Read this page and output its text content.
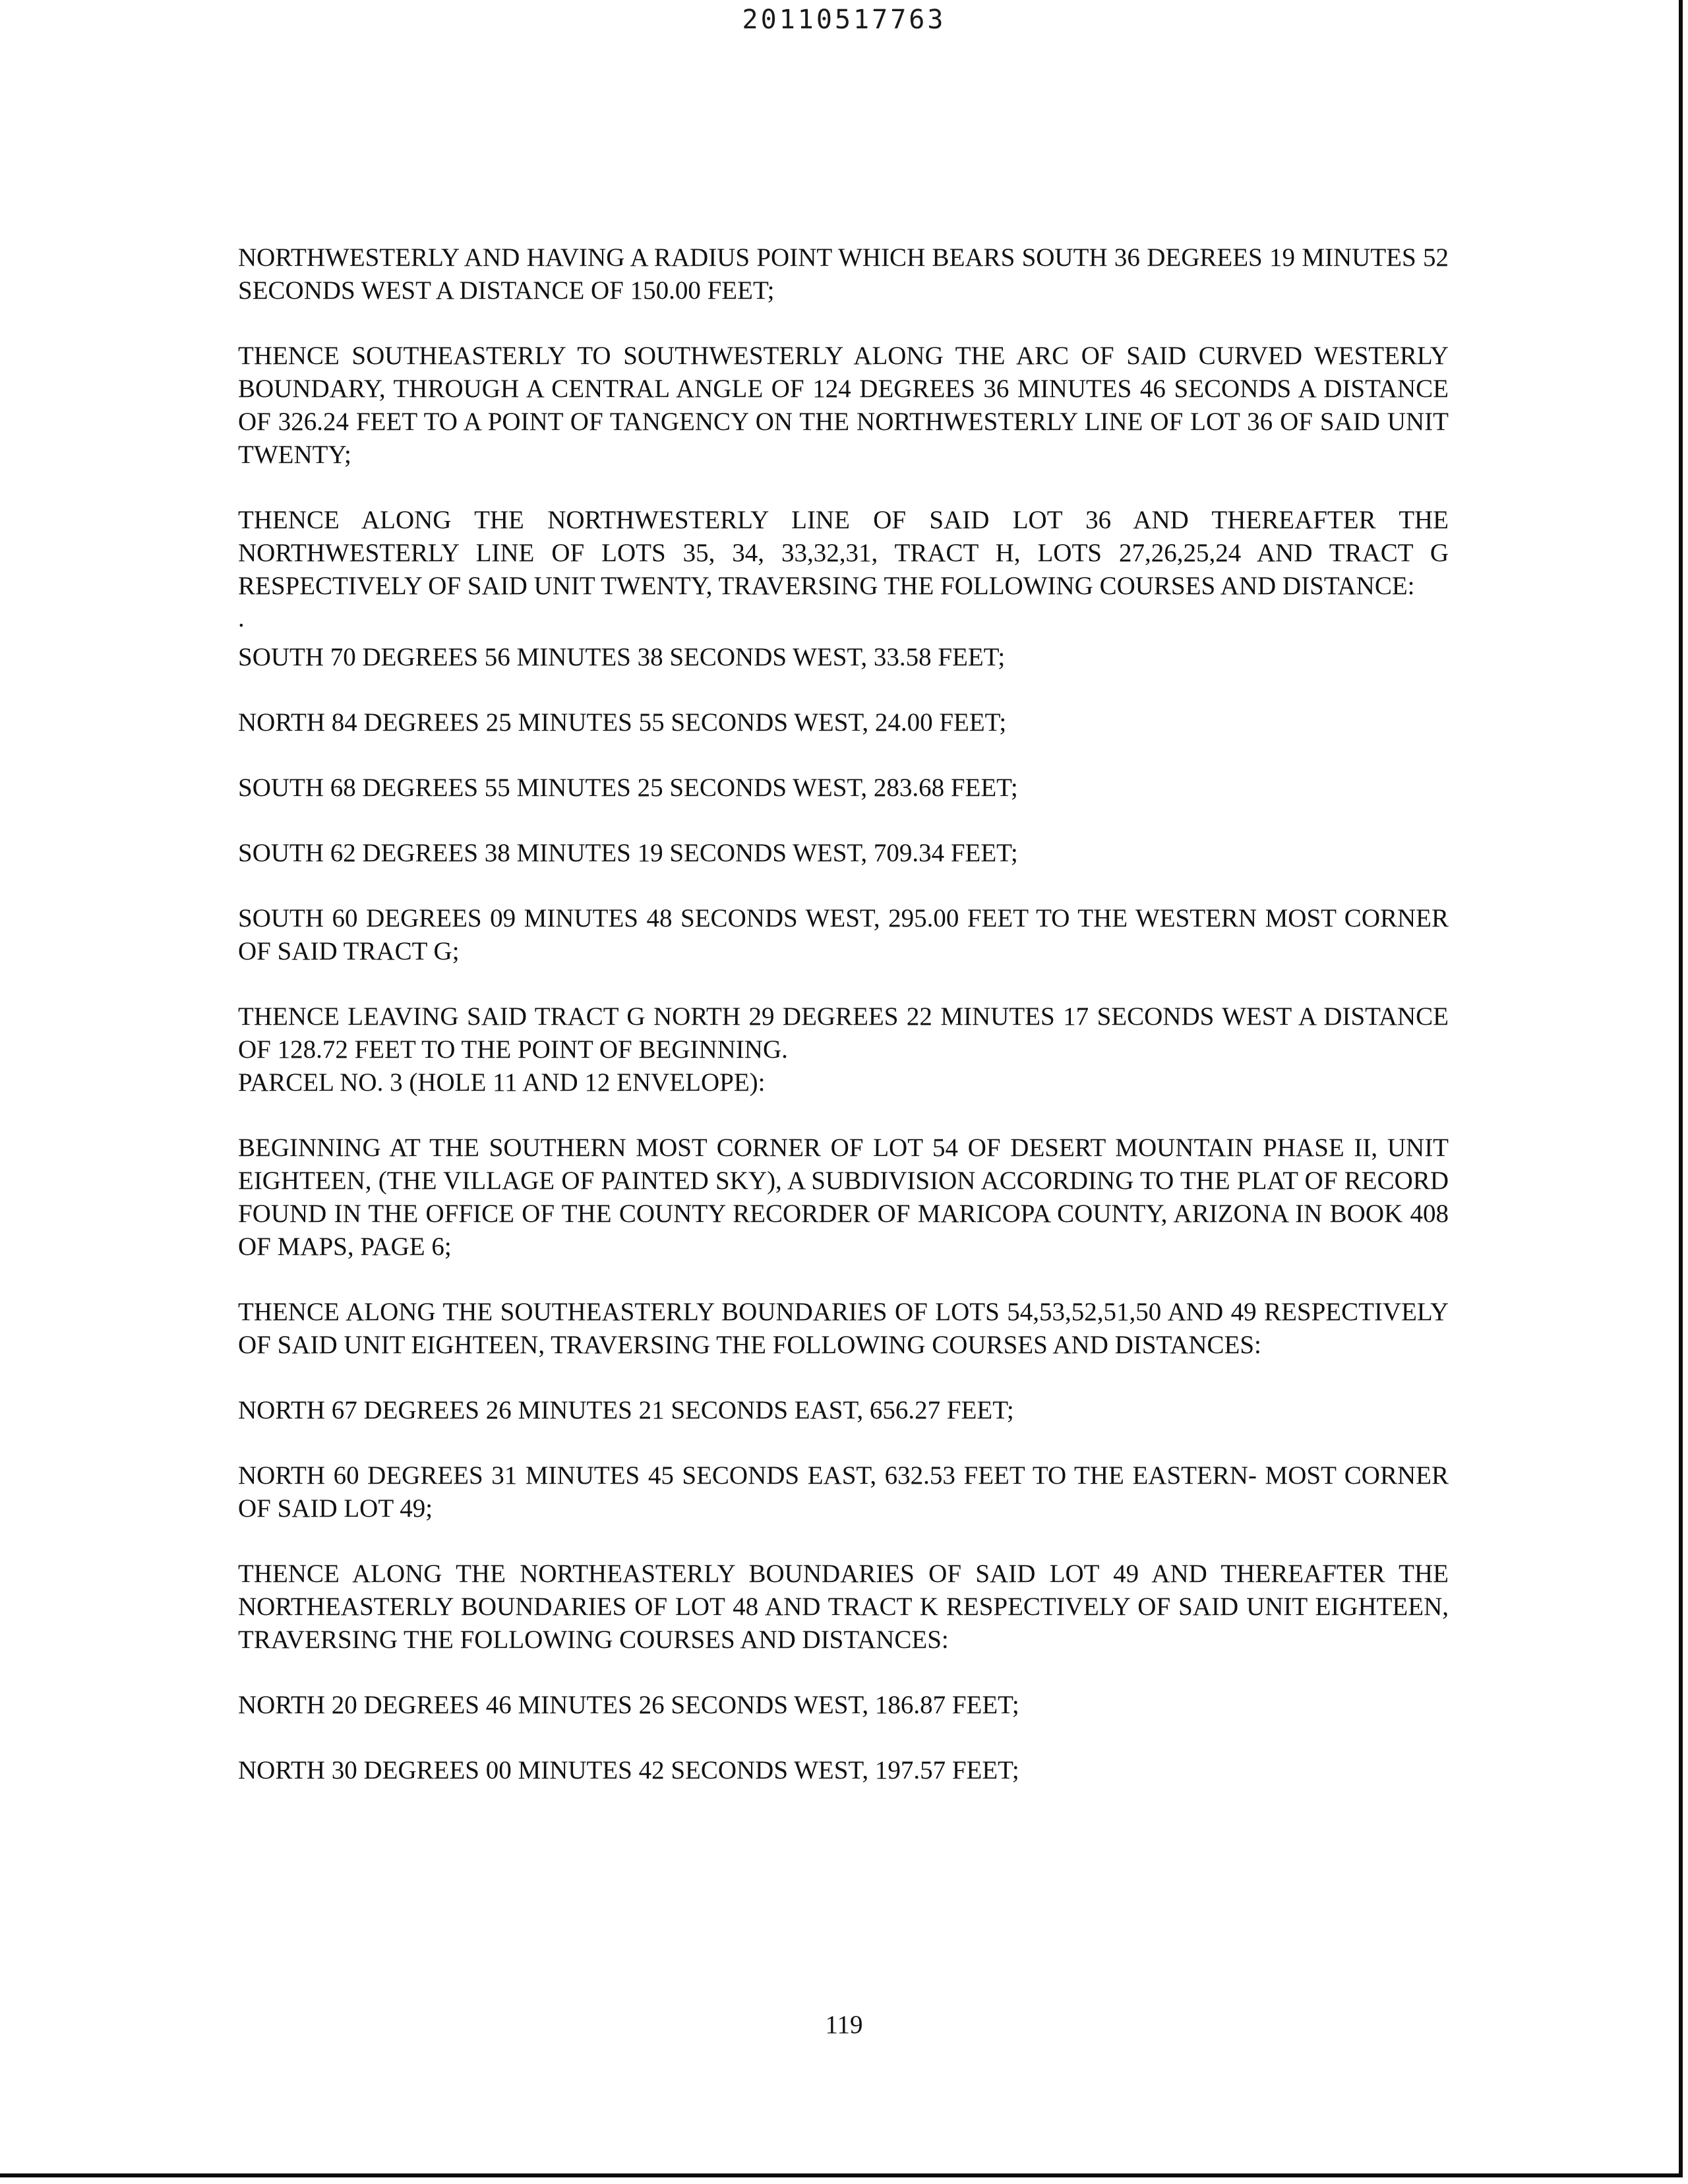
20110517763

NORTHWESTERLY AND HAVING A RADIUS POINT WHICH BEARS SOUTH 36 DEGREES 19 MINUTES 52 SECONDS WEST A DISTANCE OF 150.00 FEET;

THENCE SOUTHEASTERLY TO SOUTHWESTERLY ALONG THE ARC OF SAID CURVED WESTERLY BOUNDARY, THROUGH A CENTRAL ANGLE OF 124 DEGREES 36 MINUTES 46 SECONDS A DISTANCE OF 326.24 FEET TO A POINT OF TANGENCY ON THE NORTHWESTERLY LINE OF LOT 36 OF SAID UNIT TWENTY;

THENCE ALONG THE NORTHWESTERLY LINE OF SAID LOT 36 AND THEREAFTER THE NORTHWESTERLY LINE OF LOTS 35, 34, 33,32,31, TRACT H, LOTS 27,26,25,24 AND TRACT G RESPECTIVELY OF SAID UNIT TWENTY, TRAVERSING THE FOLLOWING COURSES AND DISTANCE:

.

SOUTH 70 DEGREES 56 MINUTES 38 SECONDS WEST, 33.58 FEET;

NORTH 84 DEGREES 25 MINUTES 55 SECONDS WEST, 24.00 FEET;

SOUTH 68 DEGREES 55 MINUTES 25 SECONDS WEST, 283.68 FEET;

SOUTH 62 DEGREES 38 MINUTES 19 SECONDS WEST, 709.34 FEET;

SOUTH 60 DEGREES 09 MINUTES 48 SECONDS WEST, 295.00 FEET TO THE WESTERN MOST CORNER OF SAID TRACT G;

THENCE LEAVING SAID TRACT G NORTH 29 DEGREES 22 MINUTES 17 SECONDS WEST A DISTANCE OF 128.72 FEET TO THE POINT OF BEGINNING.

PARCEL NO. 3 (HOLE 11 AND 12 ENVELOPE):

BEGINNING AT THE SOUTHERN MOST CORNER OF LOT 54 OF DESERT MOUNTAIN PHASE II, UNIT EIGHTEEN, (THE VILLAGE OF PAINTED SKY), A SUBDIVISION ACCORDING TO THE PLAT OF RECORD FOUND IN THE OFFICE OF THE COUNTY RECORDER OF MARICOPA COUNTY, ARIZONA IN BOOK 408 OF MAPS, PAGE 6;

THENCE ALONG THE SOUTHEASTERLY BOUNDARIES OF LOTS 54,53,52,51,50 AND 49 RESPECTIVELY OF SAID UNIT EIGHTEEN, TRAVERSING THE FOLLOWING COURSES AND DISTANCES:

NORTH 67 DEGREES 26 MINUTES 21 SECONDS EAST, 656.27 FEET;

NORTH 60 DEGREES 31 MINUTES 45 SECONDS EAST, 632.53 FEET TO THE EASTERN- MOST CORNER OF SAID LOT 49;

THENCE ALONG THE NORTHEASTERLY BOUNDARIES OF SAID LOT 49 AND THEREAFTER THE NORTHEASTERLY BOUNDARIES OF LOT 48 AND TRACT K RESPECTIVELY OF SAID UNIT EIGHTEEN, TRAVERSING THE FOLLOWING COURSES AND DISTANCES:

NORTH 20 DEGREES 46 MINUTES 26 SECONDS WEST, 186.87 FEET;

NORTH 30 DEGREES 00 MINUTES 42 SECONDS WEST, 197.57 FEET;

119
